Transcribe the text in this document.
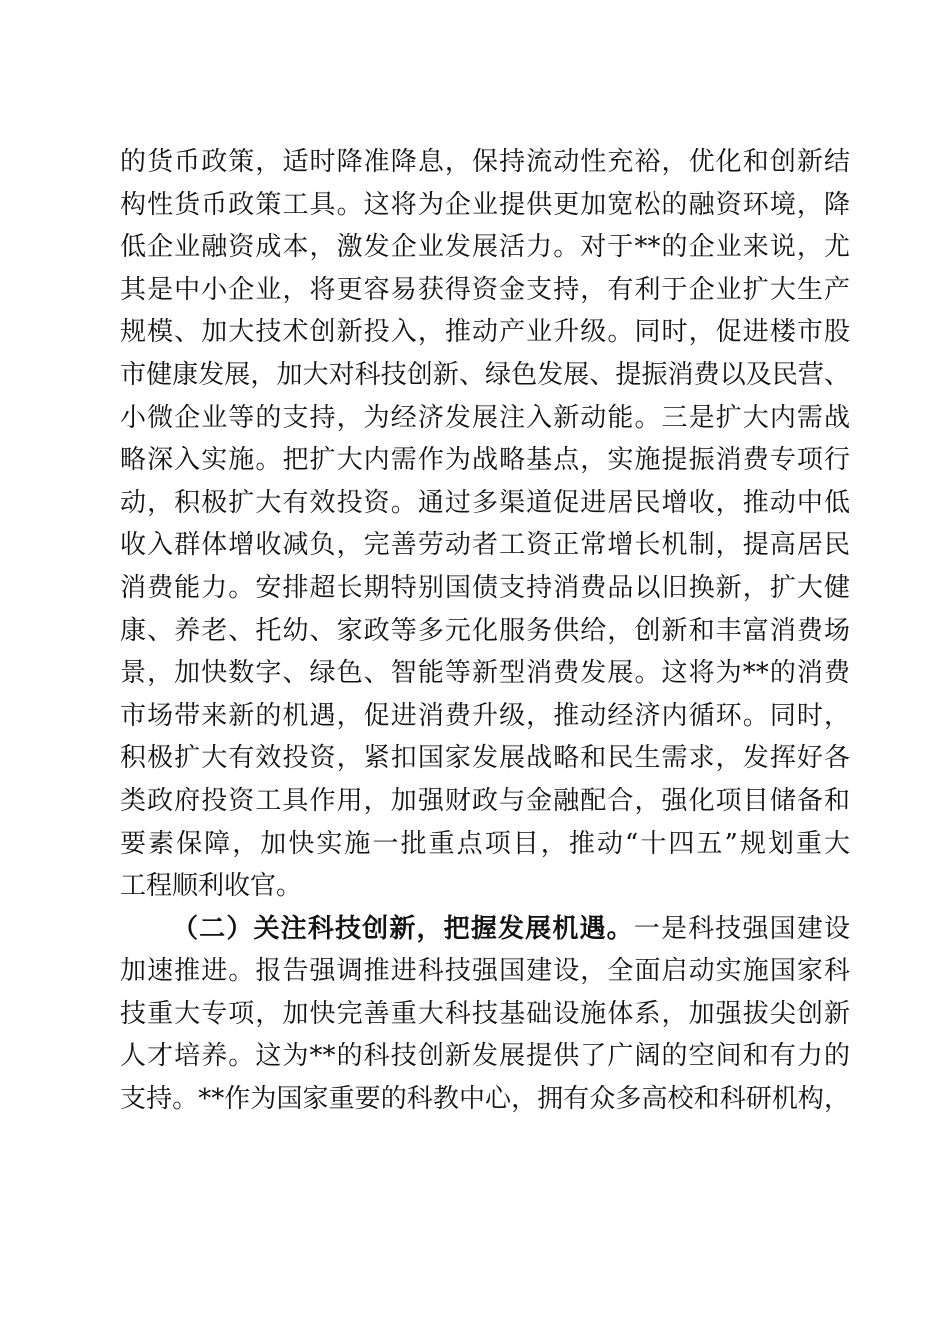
的货币政策，适时降准降息，保持流动性充裕，优化和创新结
构性货币政策工具。这将为企业提供更加宽松的融资环境，降
低企业融资成本，激发企业发展活力。对于**的企业来说，尤
其是中小企业，将更容易获得资金支持，有利于企业扩大生产
规模、加大技术创新投入，推动产业升级。同时，促进楼市股
市健康发展，加大对科技创新、绿色发展、提振消费以及民营、
小微企业等的支持，为经济发展注入新动能。三是扩大内需战
略深入实施。把扩大内需作为战略基点，实施提振消费专项行
动，积极扩大有效投资。通过多渠道促进居民增收，推动中低
收入群体增收减负，完善劳动者工资正常增长机制，提高居民
消费能力。安排超长期特别国债支持消费品以旧换新，扩大健
康、养老、托幼、家政等多元化服务供给，创新和丰富消费场
景，加快数字、绿色、智能等新型消费发展。这将为**的消费
市场带来新的机遇，促进消费升级，推动经济内循环。同时，
积极扩大有效投资，紧扣国家发展战略和民生需求，发挥好各
类政府投资工具作用，加强财政与金融配合，强化项目储备和
要素保障，加快实施一批重点项目，推动“十四五”规划重大
工程顺利收官。
（二）关注科技创新，把握发展机遇。一是科技强国建设
加速推进。报告强调推进科技强国建设，全面启动实施国家科
技重大专项，加快完善重大科技基础设施体系，加强拔尖创新
人才培养。这为**的科技创新发展提供了广阔的空间和有力的
支持。**作为国家重要的科教中心，拥有众多高校和科研机构，
